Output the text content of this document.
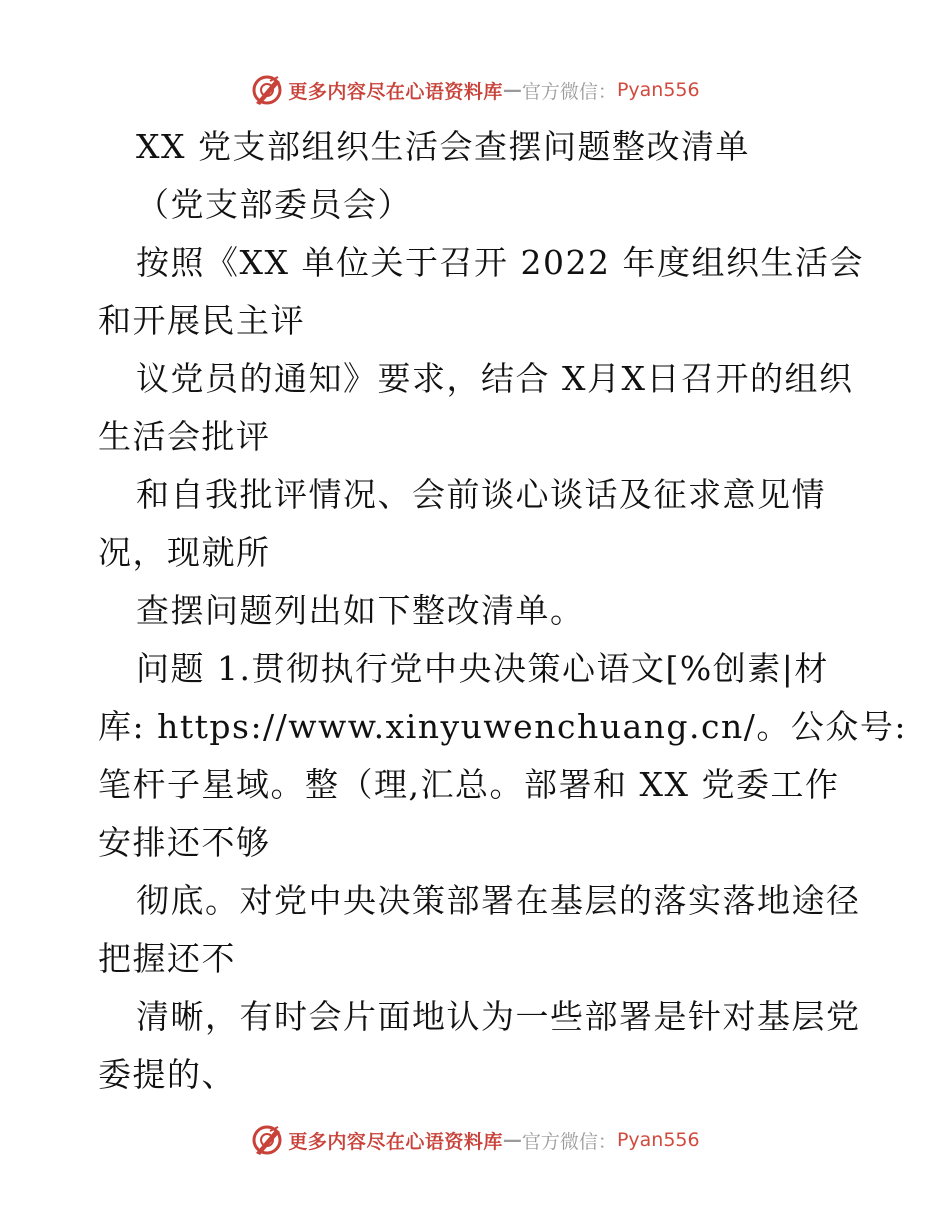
更多内容尽在心语资料库 — 官方微信： Pyan556
XX 党支部组织生活会查摆问题整改清单
（党支部委员会）
按照《XX 单位关于召开 2022 年度组织生活会
和开展民主评
议党员的通知》要求，结合 X月X日召开的组织
生活会批评
和自我批评情况、会前谈心谈话及征求意见情
况，现就所
查摆问题列出如下整改清单。
问题 1.贯彻执行党中央决策心语文[%创素|材
库: https://www.xinyuwenchuang.cn/。公众号:
笔杆子星域。整（理,汇总。部署和 XX 党委工作
安排还不够
彻底。对党中央决策部署在基层的落实落地途径
把握还不
清晰，有时会片面地认为一些部署是针对基层党
委提的、
更多内容尽在心语资料库 — 官方微信： Pyan556
